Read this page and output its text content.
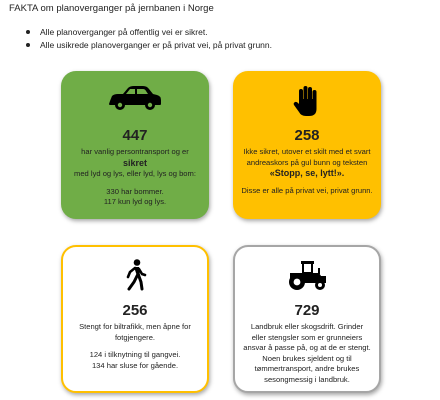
FAKTA om planoverganger på jernbanen i Norge
Alle planoverganger på offentlig vei er sikret.
Alle usikrede planoverganger er på privat vei, på privat grunn.
447

har vanlig persontransport og er sikret

med lyd og lys, eller lyd, lys og bom:

330 har bommer.

117 kun lyd og lys.

258

Ikke sikret, utover et skilt med et svart andreaskors på gul bunn og teksten

«Stopp, se, lytt!».

Disse er alle på privat vei, privat grunn.

256

Stengt for biltrafikk, men åpne for fotgjengere.

124 i tilknytning til gangvei.

134 har sluse for gående.

729

Landbruk eller skogsdrift. Grinder eller stengsler som er grunneiers ansvar å passe på, og at de er stengt. Noen brukes sjeldent og til tømmertransport, andre brukes sesongmessig i landbruk.
